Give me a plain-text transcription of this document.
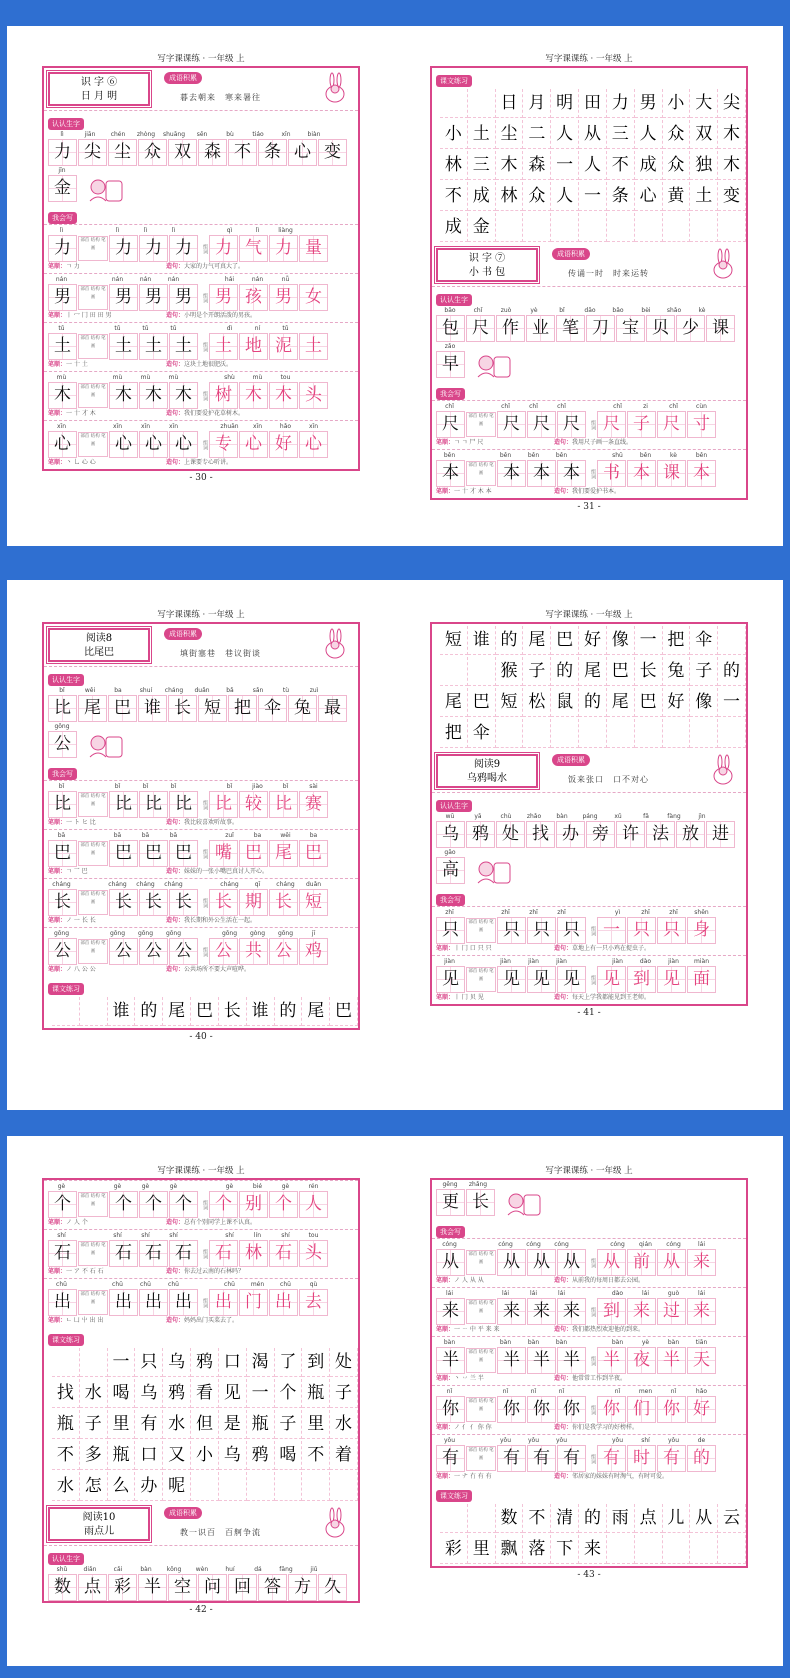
写字课课练 · 一年级 上
识 字 ⑥
日 月 明
成语积累
暮去朝来　寒来暑往
认认生字
lì	jiān	chén	zhòng	shuāng	sēn	bù	tiáo	xīn	biàn
力 尖 尘 众 双 森 不 条 心 变
jīn
金
我会写
lì	lì	lì	lì	qì	lì	liàng
力	部首 结构 笔画	力 力 力	组词 力 气 力 量
笔顺：ㄱ 力	造句：大家的力气可真大了。
nán	nán	nán	nán	hái	nán	nǚ
男	部首 结构 笔画	男 男 男	组词 男 孩 男 女
笔顺：丨 冖 冂 田 田 男	造句：小明是个开朗活泼的男孩。
tǔ	tǔ	tǔ	tǔ	dì	ní	tǔ
土	部首 结构 笔画	土 土 土	组词 土 地 泥 土
笔顺：一 十 土	造句：这块土地很肥沃。
mù	mù	mù	mù	shù	mù	tou
木	部首 结构 笔画	木 木 木	组词 树 木 木 头
笔顺：一 十 才 木	造句：我们要爱护花草树木。
xīn	xīn	xīn	xīn	zhuān	xīn	hǎo	xīn
心	部首 结构 笔画	心 心 心	组词 专 心 好 心
笔顺：丶 乚 心 心	造句：上课要专心听讲。
- 30 -
写字课课练 · 一年级 上
课文练习
日 月 明 田 力 男 小 大 尖
小 土 尘 二 人 从 三 人 众 双 木
林 三 木 森 一 人 不 成 众 独 木
不 成 林 众 人 一 条 心 黄 土 变
成 金
识 字 ⑦
小 书 包
成语积累
传诵一时　时来运转
认认生字
bāo	chǐ	zuò	yè	bǐ	dāo	bǎo	bèi	shǎo	kè
包 尺 作 业 笔 刀 宝 贝 少 课
zǎo
早
我会写
chǐ	chǐ	chǐ	chǐ	chǐ	zi	chǐ	cùn
尺	部首 结构 笔画	尺 尺 尺	组词 尺 子 尺 寸
笔顺：ㄱ ㄱ 尸 尺	造句：我用尺子画一条直线。
běn	běn	běn	běn	shū	běn	kè	běn
本	部首 结构 笔画	本 本 本	组词 书 本 课 本
笔顺：一 十 才 木 本	造句：我们要爱护书本。
- 31 -
写字课课练 · 一年级 上
阅读8
比尾巴
成语积累
填街塞巷　巷议街谈
认认生字
bǐ	wěi	ba	shuí	cháng	duǎn	bǎ	sǎn	tù	zuì
比 尾 巴 谁 长 短 把 伞 兔 最
gōng
公
我会写
bǐ	bǐ	bǐ	bǐ	bǐ	jiào	bǐ	sài
比	部首 结构 笔画	比 比 比	组词 比 较 比 赛
笔顺：一 ト ヒ 比	造句：我比较喜欢听故事。
bā	bā	bā	bā	zuǐ	ba	wěi	ba
巴	部首 结构 笔画	巴 巴 巴	组词 嘴 巴 尾 巴
笔顺：ㄱ 乛 巴	造句：妹妹的一张小嘴巴真讨人开心。
cháng	cháng	cháng	cháng	cháng	qī	cháng	duǎn
长	部首 结构 笔画	长 长 长	组词 长 期 长 短
笔顺：ノ 一 长 长	造句：我长期和外公生活在一起。
gōng	gōng	gōng	gōng	gōng	gòng	gōng	jī
公	部首 结构 笔画	公 公 公	组词 公 共 公 鸡
笔顺：ノ 八 公 公	造句：公共场所不要大声喧哗。
课文练习
谁 的 尾 巴 长 谁 的 尾 巴
- 40 -
写字课课练 · 一年级 上
短 谁 的 尾 巴 好 像 一 把 伞
猴 子 的 尾 巴 长 兔 子 的
尾 巴 短 松 鼠 的 尾 巴 好 像 一
把 伞
阅读9
乌鸦喝水
成语积累
饭来张口　口不对心
认认生字
wū	yā	chù	zhǎo	bàn	páng	xǔ	fǎ	fàng	jìn
乌 鸦 处 找 办 旁 许 法 放 进
gāo
高
我会写
zhī	zhī	zhī	zhī	yì	zhī	zhī	shēn
只	部首 结构 笔画	只 只 只	组词 一 只 只 身
笔顺：丨 冂 口 只 只	造句：草地上有一只小鸡在捉虫子。
jiàn	jiàn	jiàn	jiàn	jiàn	dào	jiàn	miàn
见	部首 结构 笔画	见 见 见	组词 见 到 见 面
笔顺：丨 冂 贝 见	造句：每天上学我都能见到王老师。
- 41 -
写字课课练 · 一年级 上
gè	gè	gè	gè	gè	bié	gè	rén
个	部首 结构 笔画	个 个 个	组词 个 别 个 人
笔顺：ノ 人 个	造句：总有个别同学上课不认真。
shí	shí	shí	shí	shí	lín	shí	tou
石	部首 结构 笔画	石 石 石	组词 石 林 石 头
笔顺：一 ア 不 石 石	造句：你去过云南的石林吗？
chū	chū	chū	chū	chū	mén	chū	qù
出	部首 结构 笔画	出 出 出	组词 出 门 出 去
笔顺：ㄴ 凵 屮 出 出	造句：妈妈出门买菜去了。
课文练习
一 只 乌 鸦 口 渴 了 到 处
找 水 喝 乌 鸦 看 见 一 个 瓶 子
瓶 子 里 有 水 但 是 瓶 子 里 水
不 多 瓶 口 又 小 乌 鸦 喝 不 着
水 怎 么 办 呢
阅读10
雨点儿
成语积累
教一识百　百舸争流
认认生字
shǔ	diǎn	cǎi	bàn	kōng	wèn	huí	dá	fāng	jiǔ
数 点 彩 半 空 问 回 答 方 久
- 42 -
写字课课练 · 一年级 上
gēng	zhǎng
更 长
我会写
cóng	cóng	cóng	cóng	cóng	qián	cóng	lái
从	部首 结构 笔画	从 从 从	组词 从 前 从 来
笔顺：ノ 人 从 从	造句：从前我的每周日都去公园。
lái	lái	lái	lái	dào	lái	guò	lái
来	部首 结构 笔画	来 来 来	组词 到 来 过 来
笔顺：一 ㄧ 中 平 来 来	造句：我们都热烈欢迎他的到来。
bàn	bàn	bàn	bàn	bàn	yè	bàn	tiān
半	部首 结构 笔画	半 半 半	组词 半 夜 半 天
笔顺：丶 丷 兰 半	造句：他常常工作到半夜。
nǐ	nǐ	nǐ	nǐ	nǐ	men	nǐ	hǎo
你	部首 结构 笔画	你 你 你	组词 你 们 你 好
笔顺：ノ 亻 亻 你 你	造句：你们是我学习的好榜样。
yǒu	yǒu	yǒu	yǒu	yǒu	shí	yǒu	de
有	部首 结构 笔画	有 有 有	组词 有 时 有 的
笔顺：一 ナ 冇 有 有	造句：邻居家的妹妹有时淘气，有时可爱。
课文练习
数 不 清 的 雨 点 儿 从 云
彩 里 飘 落 下 来
- 43 -
